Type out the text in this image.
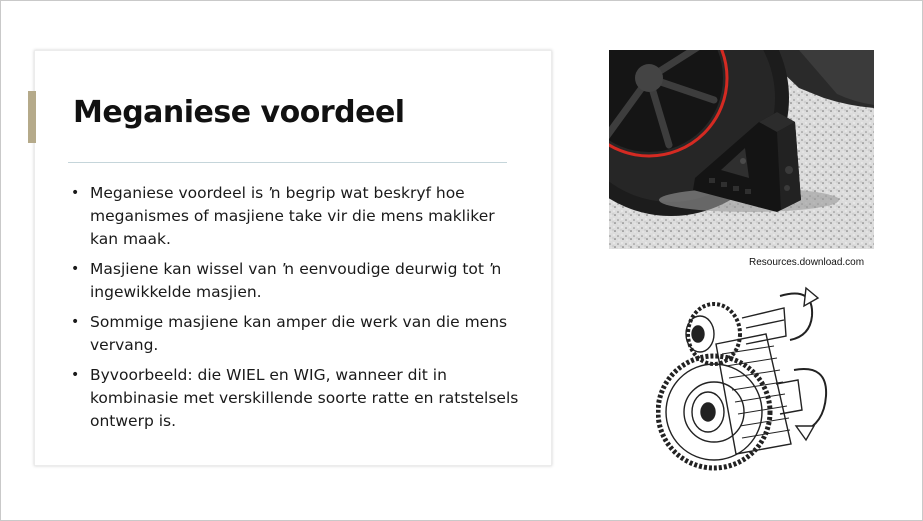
Meganiese voordeel
• Meganiese voordeel is ŉ begrip wat beskryf hoe meganismes of masjiene take vir die mens makliker kan maak.
• Masjiene kan wissel van ŉ eenvoudige deurwig tot ŉ ingewikkelde masjien.
• Sommige masjiene kan amper die werk van die mens vervang.
• Byvoorbeeld: die WIEL en WIG, wanneer dit in kombinasie met verskillende soorte ratte en ratstelsels ontwerp is.
Resources.download.com
